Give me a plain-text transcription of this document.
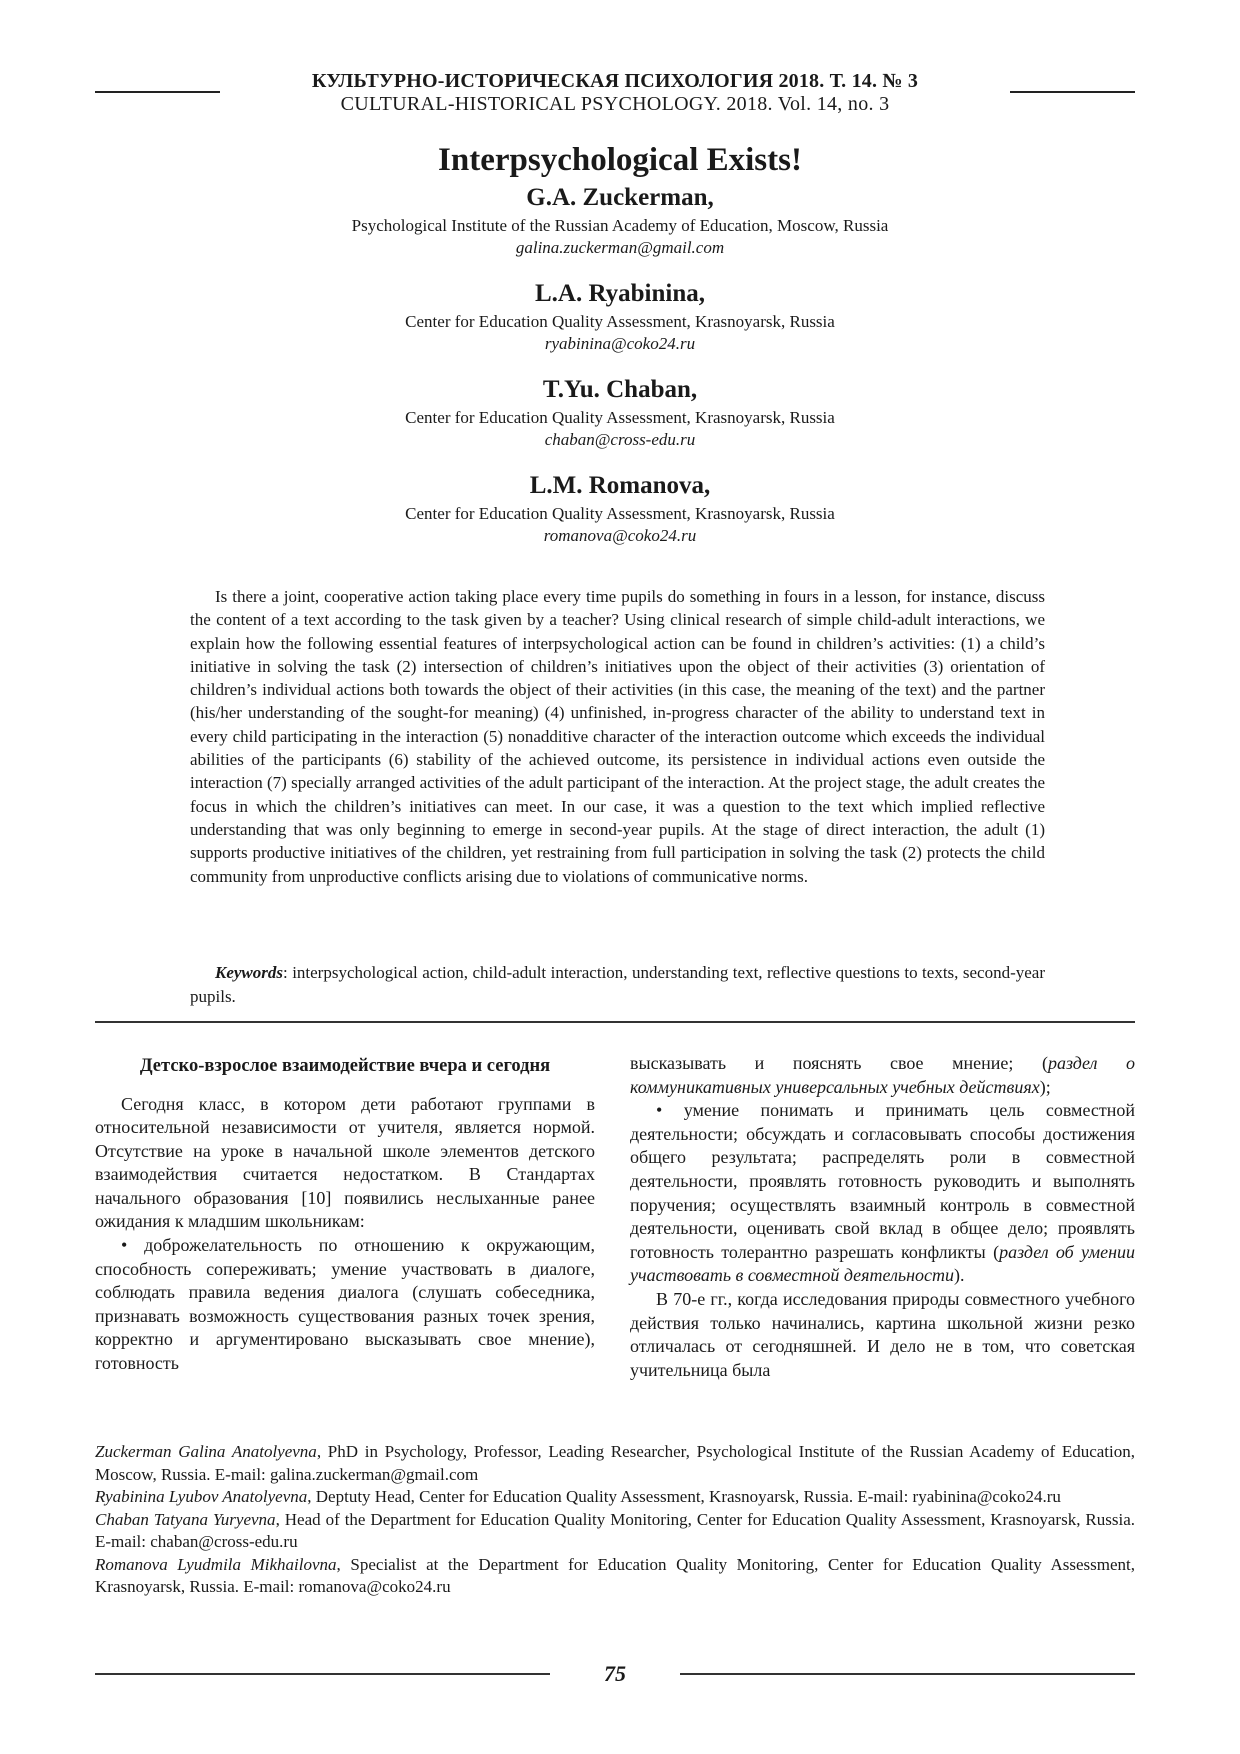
КУЛЬТУРНО-ИСТОРИЧЕСКАЯ ПСИХОЛОГИЯ 2018. Т. 14. № 3
CULTURAL-HISTORICAL PSYCHOLOGY. 2018. Vol. 14, no. 3
Interpsychological Exists!
G.A. Zuckerman,
Psychological Institute of the Russian Academy of Education, Moscow, Russia
galina.zuckerman@gmail.com
L.A. Ryabinina,
Center for Education Quality Assessment, Krasnoyarsk, Russia
ryabinina@coko24.ru
T.Yu. Chaban,
Center for Education Quality Assessment, Krasnoyarsk, Russia
chaban@cross-edu.ru
L.M. Romanova,
Center for Education Quality Assessment, Krasnoyarsk, Russia
romanova@coko24.ru
Is there a joint, cooperative action taking place every time pupils do something in fours in a lesson, for instance, discuss the content of a text according to the task given by a teacher? Using clinical research of simple child-adult interactions, we explain how the following essential features of interpsychological action can be found in children’s activities: (1) a child’s initiative in solving the task (2) intersection of children’s initiatives upon the object of their activities (3) orientation of children’s individual actions both towards the object of their activities (in this case, the meaning of the text) and the partner (his/her understanding of the sought-for meaning) (4) unfinished, in-progress character of the ability to understand text in every child participating in the interaction (5) nonadditive character of the interaction outcome which exceeds the individual abilities of the participants (6) stability of the achieved outcome, its persistence in individual actions even outside the interaction (7) specially arranged activities of the adult participant of the interaction. At the project stage, the adult creates the focus in which the children’s initiatives can meet. In our case, it was a question to the text which implied reflective understanding that was only beginning to emerge in second-year pupils. At the stage of direct interaction, the adult (1) supports productive initiatives of the children, yet restraining from full participation in solving the task (2) protects the child community from unproductive conflicts arising due to violations of communicative norms.
Keywords: interpsychological action, child-adult interaction, understanding text, reflective questions to texts, second-year pupils.
Детско-взрослое взаимодействие вчера и сегодня

Сегодня класс, в котором дети работают группами в относительной независимости от учителя, является нормой. Отсутствие на уроке в начальной школе элементов детского взаимодействия считается недостатком. В Стандартах начального образования [10] появились неслыханные ранее ожидания к младшим школьникам:

• доброжелательность по отношению к окружающим, способность сопереживать; умение участвовать в диалоге, соблюдать правила ведения диалога (слушать собеседника, признавать возможность существования разных точек зрения, корректно и аргументировано высказывать свое мнение), готовность

высказывать и пояснять свое мнение; (раздел о коммуникативных универсальных учебных действиях);

• умение понимать и принимать цель совместной деятельности; обсуждать и согласовывать способы достижения общего результата; распределять роли в совместной деятельности, проявлять готовность руководить и выполнять поручения; осуществлять взаимный контроль в совместной деятельности, оценивать свой вклад в общее дело; проявлять готовность толерантно разрешать конфликты (раздел об умении участвовать в совместной деятельности).

В 70-е гг., когда исследования природы совместного учебного действия только начинались, картина школьной жизни резко отличалась от сегодняшней. И дело не в том, что советская учительница была

Zuckerman Galina Anatolyevna, PhD in Psychology, Professor, Leading Researcher, Psychological Institute of the Russian Academy of Education, Moscow, Russia. E-mail: galina.zuckerman@gmail.com

Ryabinina Lyubov Anatolyevna, Deptuty Head, Center for Education Quality Assessment, Krasnoyarsk, Russia. E-mail: ryabinina@coko24.ru

Chaban Tatyana Yuryevna, Head of the Department for Education Quality Monitoring, Center for Education Quality Assessment, Krasnoyarsk, Russia. E-mail: chaban@cross-edu.ru

Romanova Lyudmila Mikhailovna, Specialist at the Department for Education Quality Monitoring, Center for Education Quality Assessment, Krasnoyarsk, Russia. E-mail: romanova@coko24.ru

75
